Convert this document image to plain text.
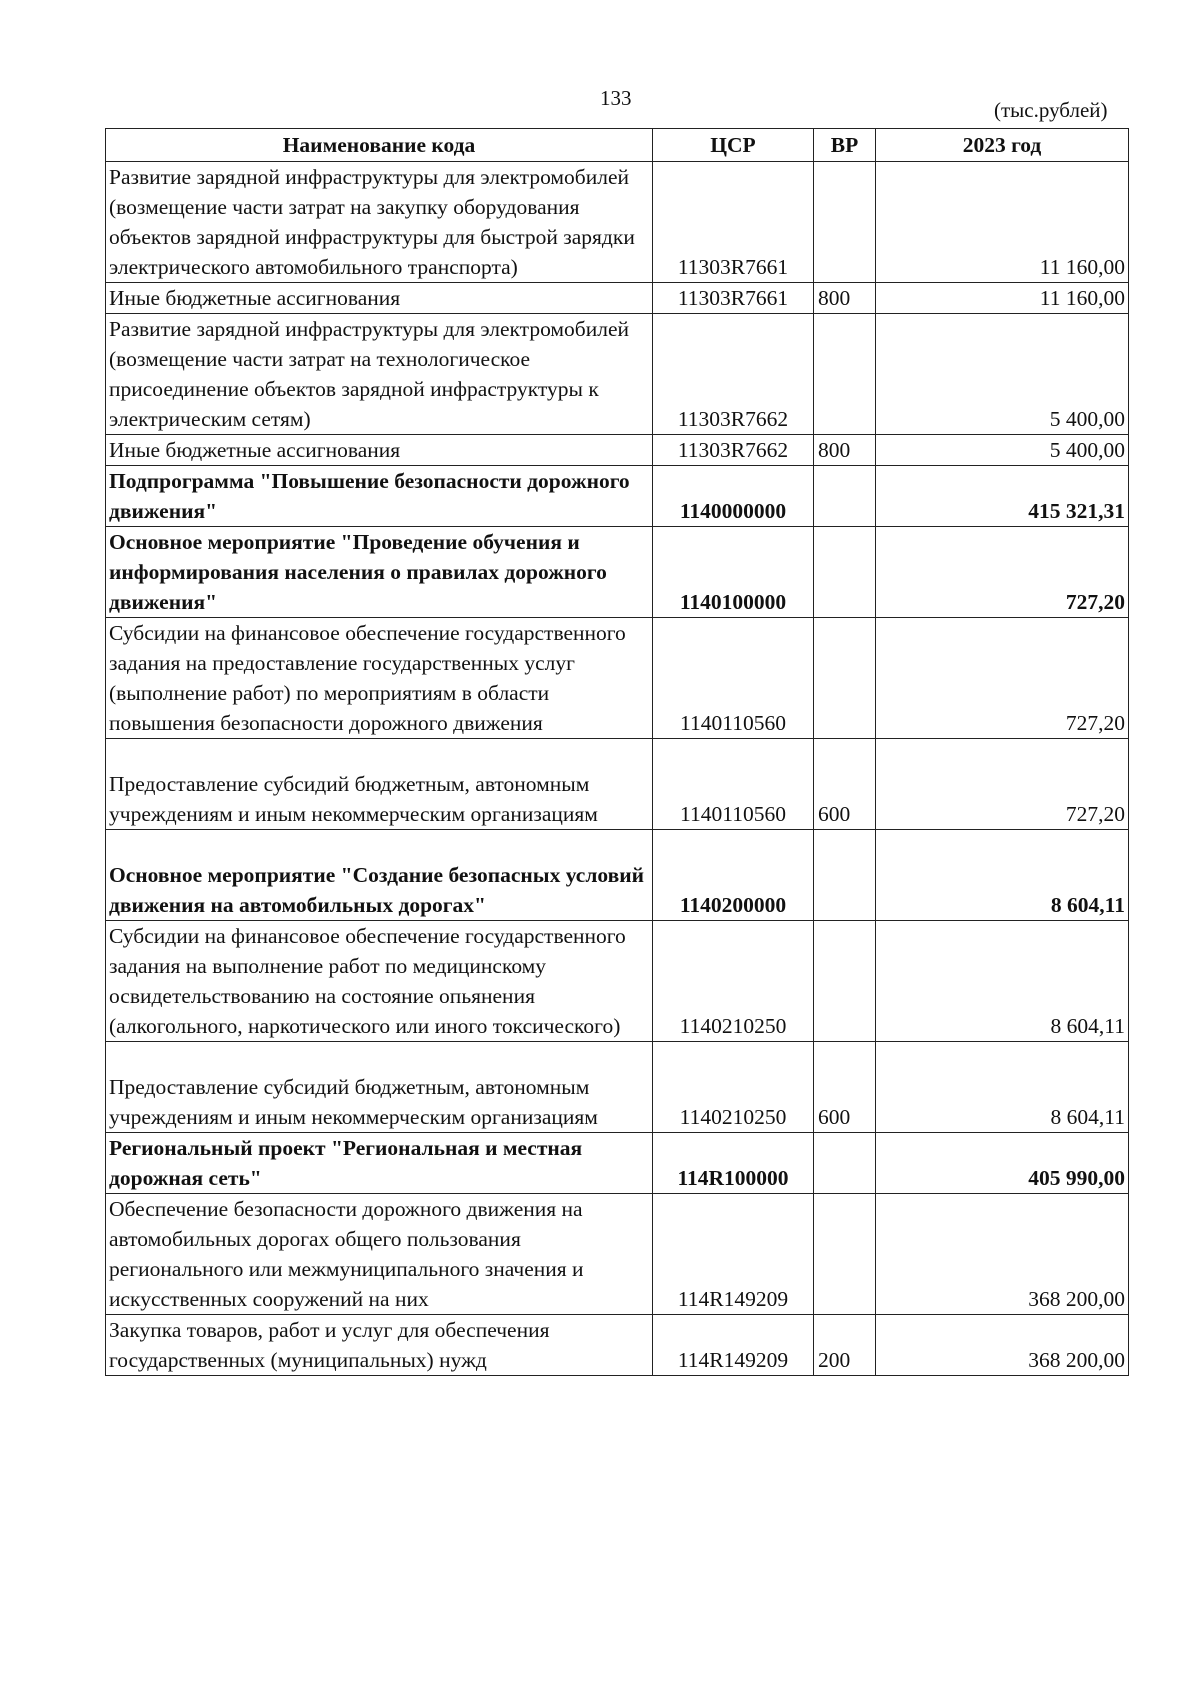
133	(тыс.рублей)
Наименование кода	ЦСР	ВР	2023 год
Развитие зарядной инфраструктуры для электромобилей (возмещение части затрат на закупку оборудования объектов зарядной инфраструктуры для быстрой зарядки электрического автомобильного транспорта)	11303R7661		11 160,00
Иные бюджетные ассигнования	11303R7661	800	11 160,00
Развитие зарядной инфраструктуры для электромобилей (возмещение части затрат на технологическое присоединение объектов зарядной инфраструктуры к электрическим сетям)	11303R7662		5 400,00
Иные бюджетные ассигнования	11303R7662	800	5 400,00
Подпрограмма "Повышение безопасности дорожного движения"	1140000000		415 321,31
Основное мероприятие "Проведение обучения и информирования населения о правилах дорожного движения"	1140100000		727,20
Субсидии на финансовое обеспечение государственного задания на предоставление государственных услуг (выполнение работ) по мероприятиям в области повышения безопасности дорожного движения	1140110560		727,20
Предоставление субсидий бюджетным, автономным учреждениям и иным некоммерческим организациям	1140110560	600	727,20
Основное мероприятие "Создание безопасных условий движения на автомобильных дорогах"	1140200000		8 604,11
Субсидии на финансовое обеспечение государственного задания на выполнение работ по медицинскому освидетельствованию на состояние опьянения (алкогольного, наркотического или иного токсического)	1140210250		8 604,11
Предоставление субсидий бюджетным, автономным учреждениям и иным некоммерческим организациям	1140210250	600	8 604,11
Региональный проект "Региональная и местная дорожная сеть"	114R100000		405 990,00
Обеспечение безопасности дорожного движения на автомобильных дорогах общего пользования регионального или межмуниципального значения и искусственных сооружений на них	114R149209		368 200,00
Закупка товаров, работ и услуг для обеспечения государственных (муниципальных) нужд	114R149209	200	368 200,00
